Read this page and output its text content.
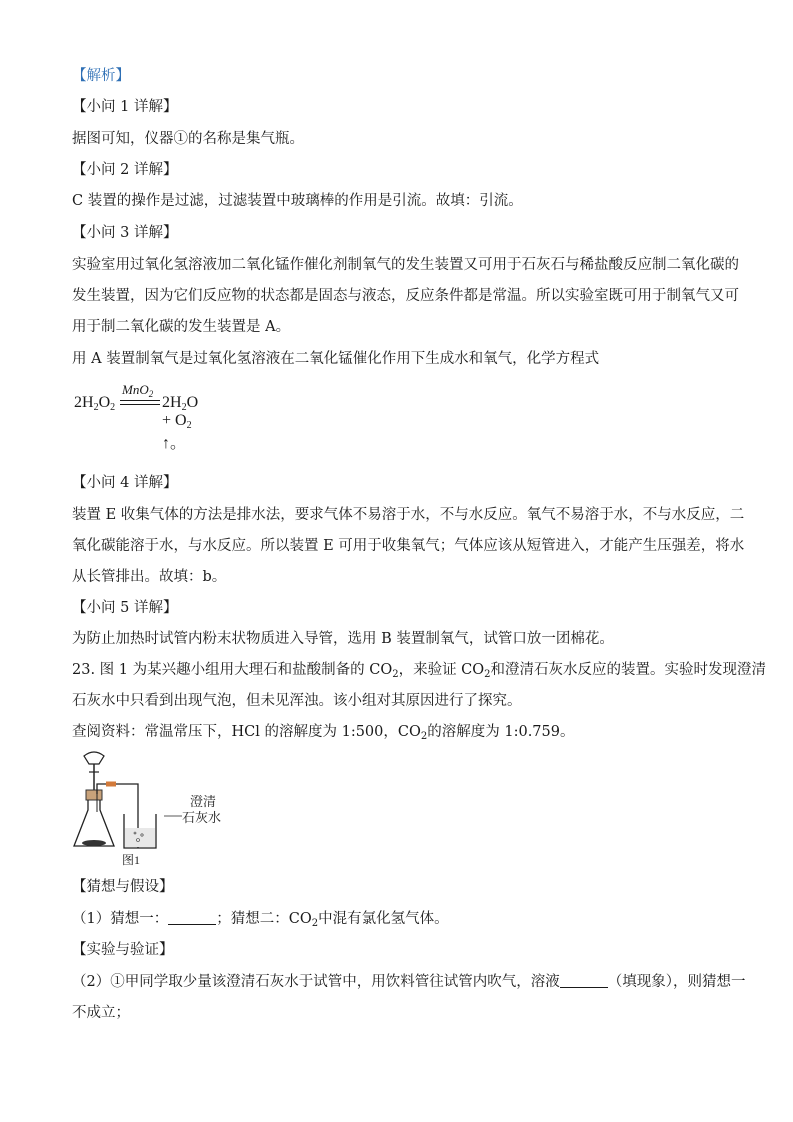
【解析】
【小问 1 详解】
据图可知，仪器①的名称是集气瓶。
【小问 2 详解】
C 装置的操作是过滤，过滤装置中玻璃棒的作用是引流。故填：引流。
【小问 3 详解】
实验室用过氧化氢溶液加二氧化锰作催化剂制氧气的发生装置又可用于石灰石与稀盐酸反应制二氧化碳的
发生装置，因为它们反应物的状态都是固态与液态，反应条件都是常温。所以实验室既可用于制氧气又可
用于制二氧化碳的发生装置是 A。
用 A 装置制氧气是过氧化氢溶液在二氧化锰催化作用下生成水和氧气，化学方程式
$2H_2O_2$
MnO$_2$ $2H_2O + O_2$ ↑。
【小问 4 详解】
装置 E 收集气体的方法是排水法，要求气体不易溶于水，不与水反应。氧气不易溶于水，不与水反应，二
氧化碳能溶于水，与水反应。所以装置 E 可用于收集氧气；气体应该从短管进入，才能产生压强差，将水
从长管排出。故填：b。
【小问 5 详解】
为防止加热时试管内粉末状物质进入导管，选用 B 装置制氧气，试管口放一团棉花。
23. 图 1 为某兴趣小组用大理石和盐酸制备的 $CO_2$，来验证 $CO_2$和澄清石灰水反应的装置。实验时发现澄清
石灰水中只看到出现气泡，但未见浑浊。该小组对其原因进行了探究。
查阅资料：常温常压下，HCl 的溶解度为 1:500，$CO_2$的溶解度为 1:0.759。
澄清
石灰水
图1
【猜想与假设】
（1）猜想一：	；猜想二：$CO_2$中混有氯化氢气体。
【实验与验证】
（2）①甲同学取少量该澄清石灰水于试管中，用饮料管往试管内吹气，溶液	（填现象），则猜想一
不成立；
